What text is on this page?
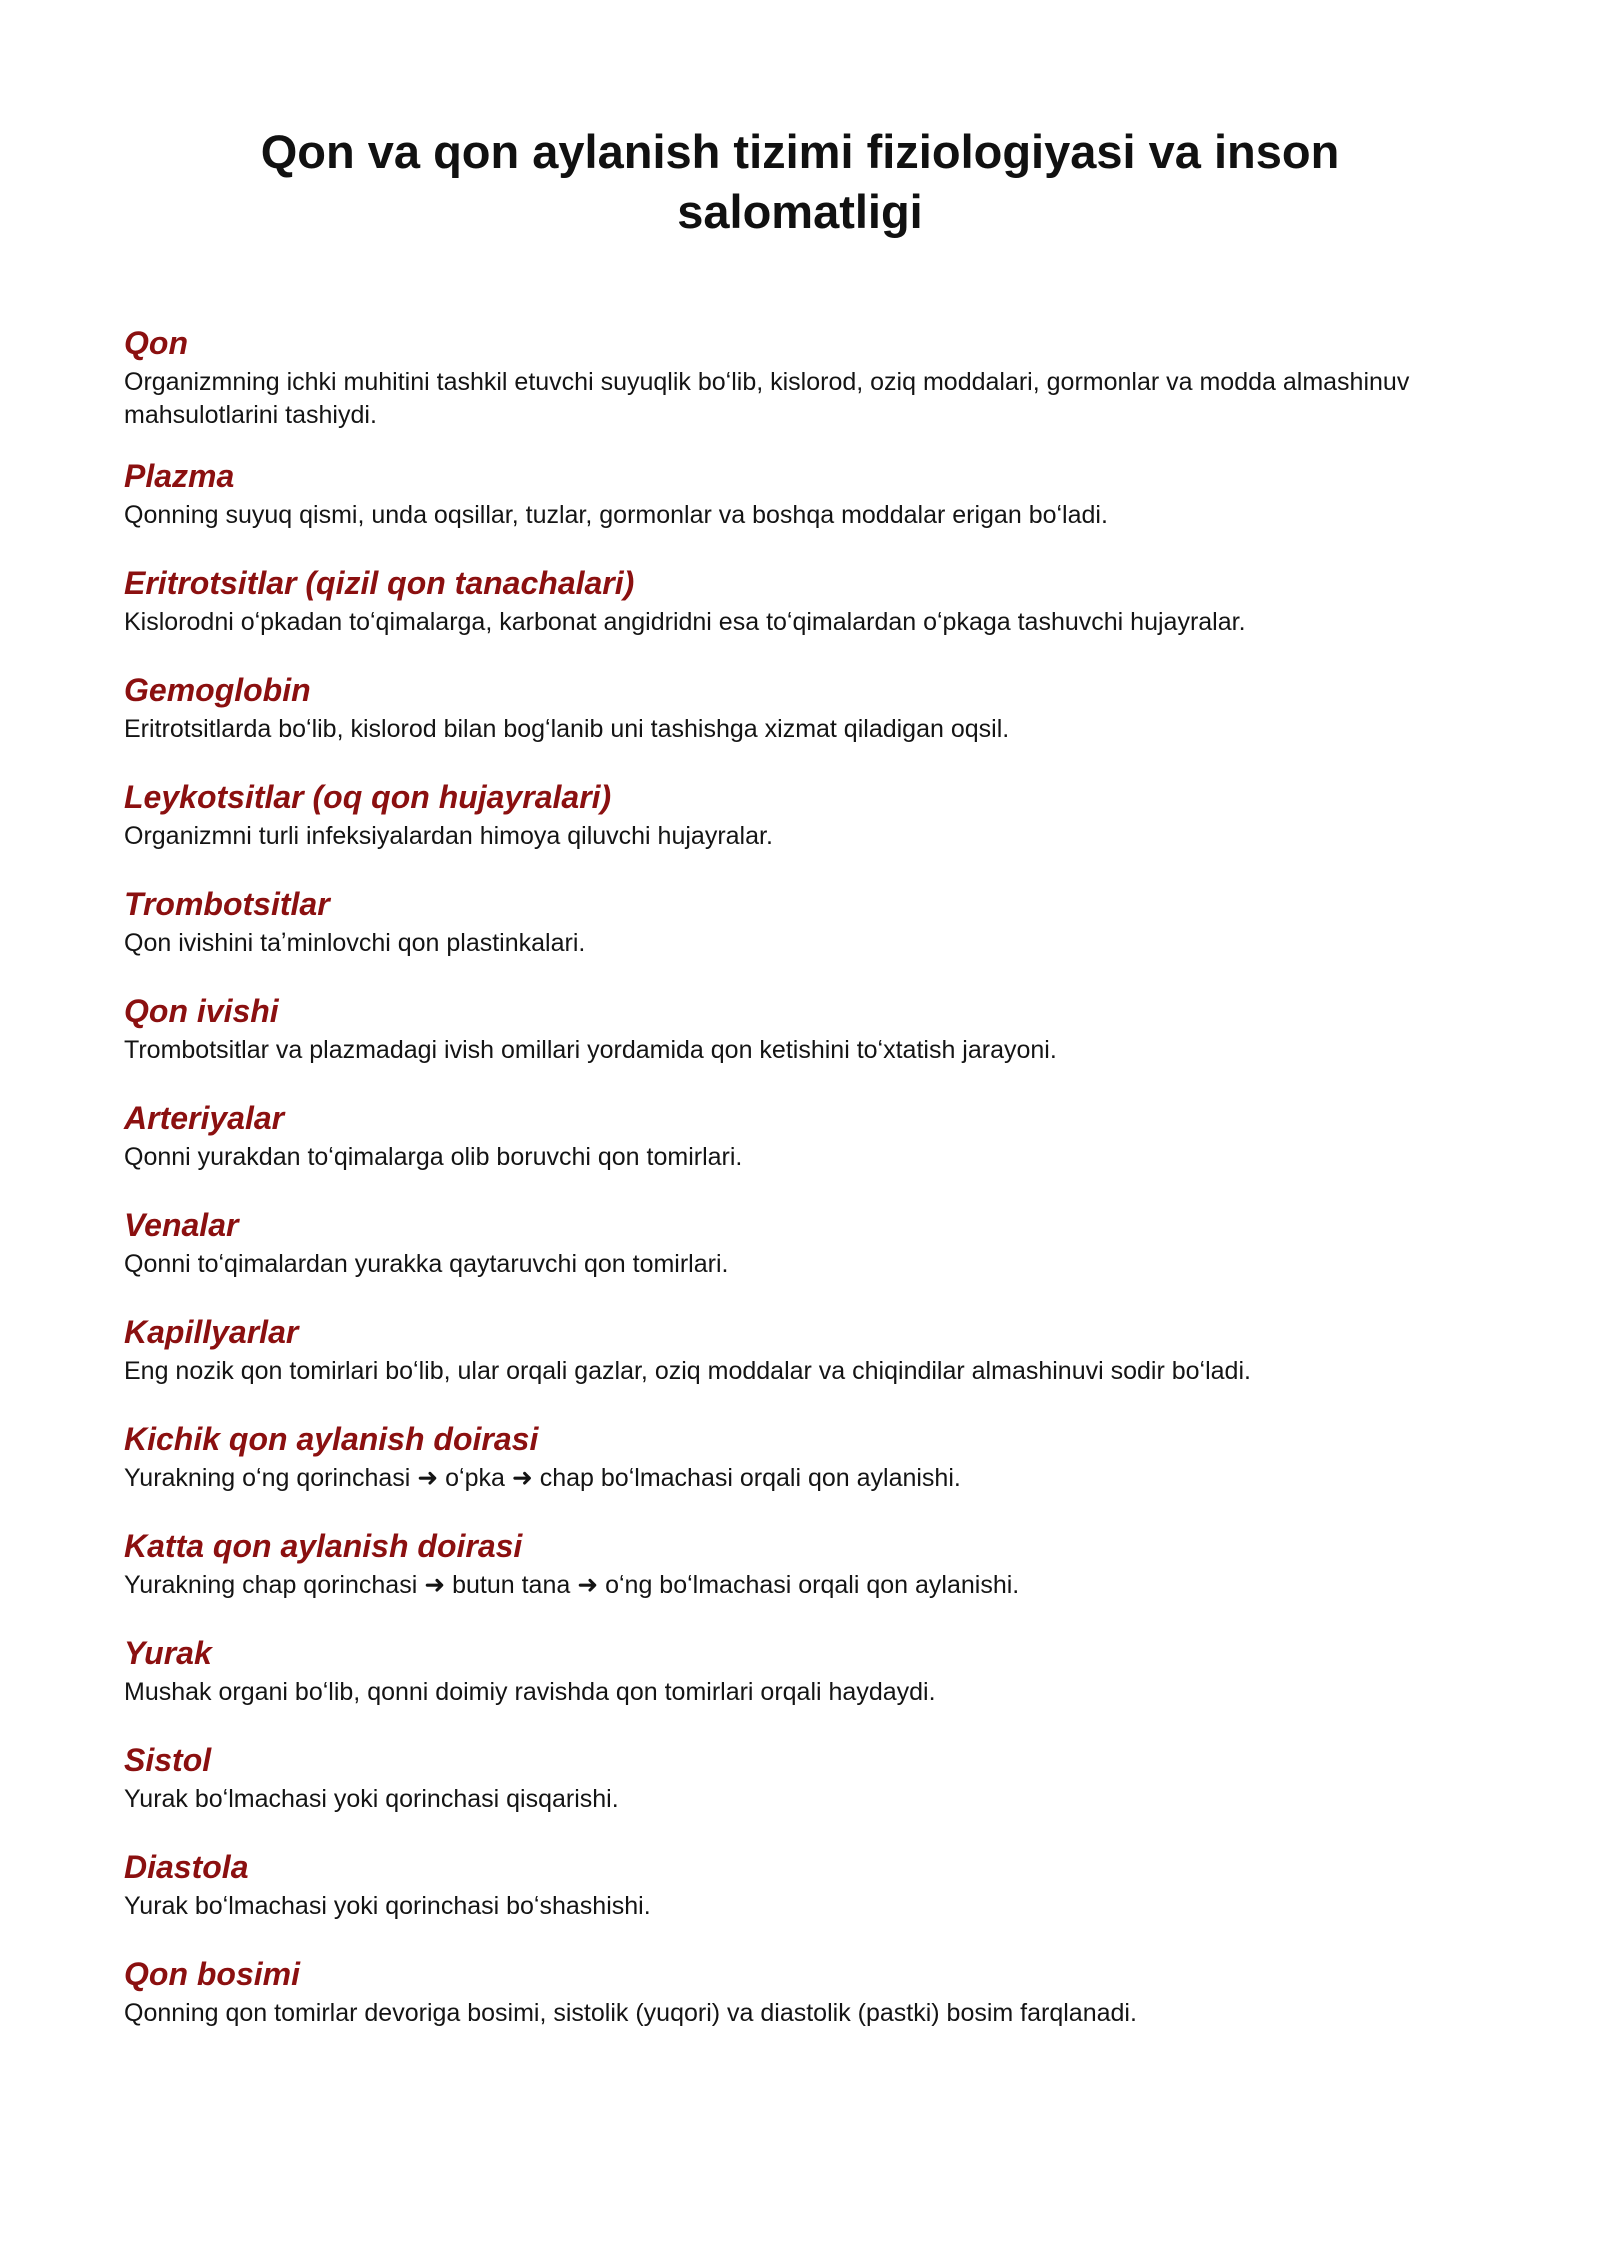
Qon va qon aylanish tizimi fiziologiyasi va inson salomatligi

Qon

Organizmning ichki muhitini tashkil etuvchi suyuqlik boʻlib, kislorod, oziq moddalari, gormonlar va modda almashinuv mahsulotlarini tashiydi.

Plazma

Qonning suyuq qismi, unda oqsillar, tuzlar, gormonlar va boshqa moddalar erigan boʻladi.

Eritrotsitlar (qizil qon tanachalari)

Kislorodni oʻpkadan toʻqimalarga, karbonat angidridni esa toʻqimalardan oʻpkaga tashuvchi hujayralar.

Gemoglobin

Eritrotsitlarda boʻlib, kislorod bilan bogʻlanib uni tashishga xizmat qiladigan oqsil.

Leykotsitlar (oq qon hujayralari)

Organizmni turli infeksiyalardan himoya qiluvchi hujayralar.

Trombotsitlar

Qon ivishini taʼminlovchi qon plastinkalari.

Qon ivishi

Trombotsitlar va plazmadagi ivish omillari yordamida qon ketishini toʻxtatish jarayoni.

Arteriyalar

Qonni yurakdan toʻqimalarga olib boruvchi qon tomirlari.

Venalar

Qonni toʻqimalardan yurakka qaytaruvchi qon tomirlari.

Kapillyarlar

Eng nozik qon tomirlari boʻlib, ular orqali gazlar, oziq moddalar va chiqindilar almashinuvi sodir boʻladi.

Kichik qon aylanish doirasi

Yurakning oʻng qorinchasi ➜ oʻpka ➜ chap boʻlmachasi orqali qon aylanishi.

Katta qon aylanish doirasi

Yurakning chap qorinchasi ➜ butun tana ➜ oʻng boʻlmachasi orqali qon aylanishi.

Yurak

Mushak organi boʻlib, qonni doimiy ravishda qon tomirlari orqali haydaydi.

Sistol

Yurak boʻlmachasi yoki qorinchasi qisqarishi.

Diastola

Yurak boʻlmachasi yoki qorinchasi boʻshashishi.

Qon bosimi

Qonning qon tomirlar devoriga bosimi, sistolik (yuqori) va diastolik (pastki) bosim farqlanadi.
